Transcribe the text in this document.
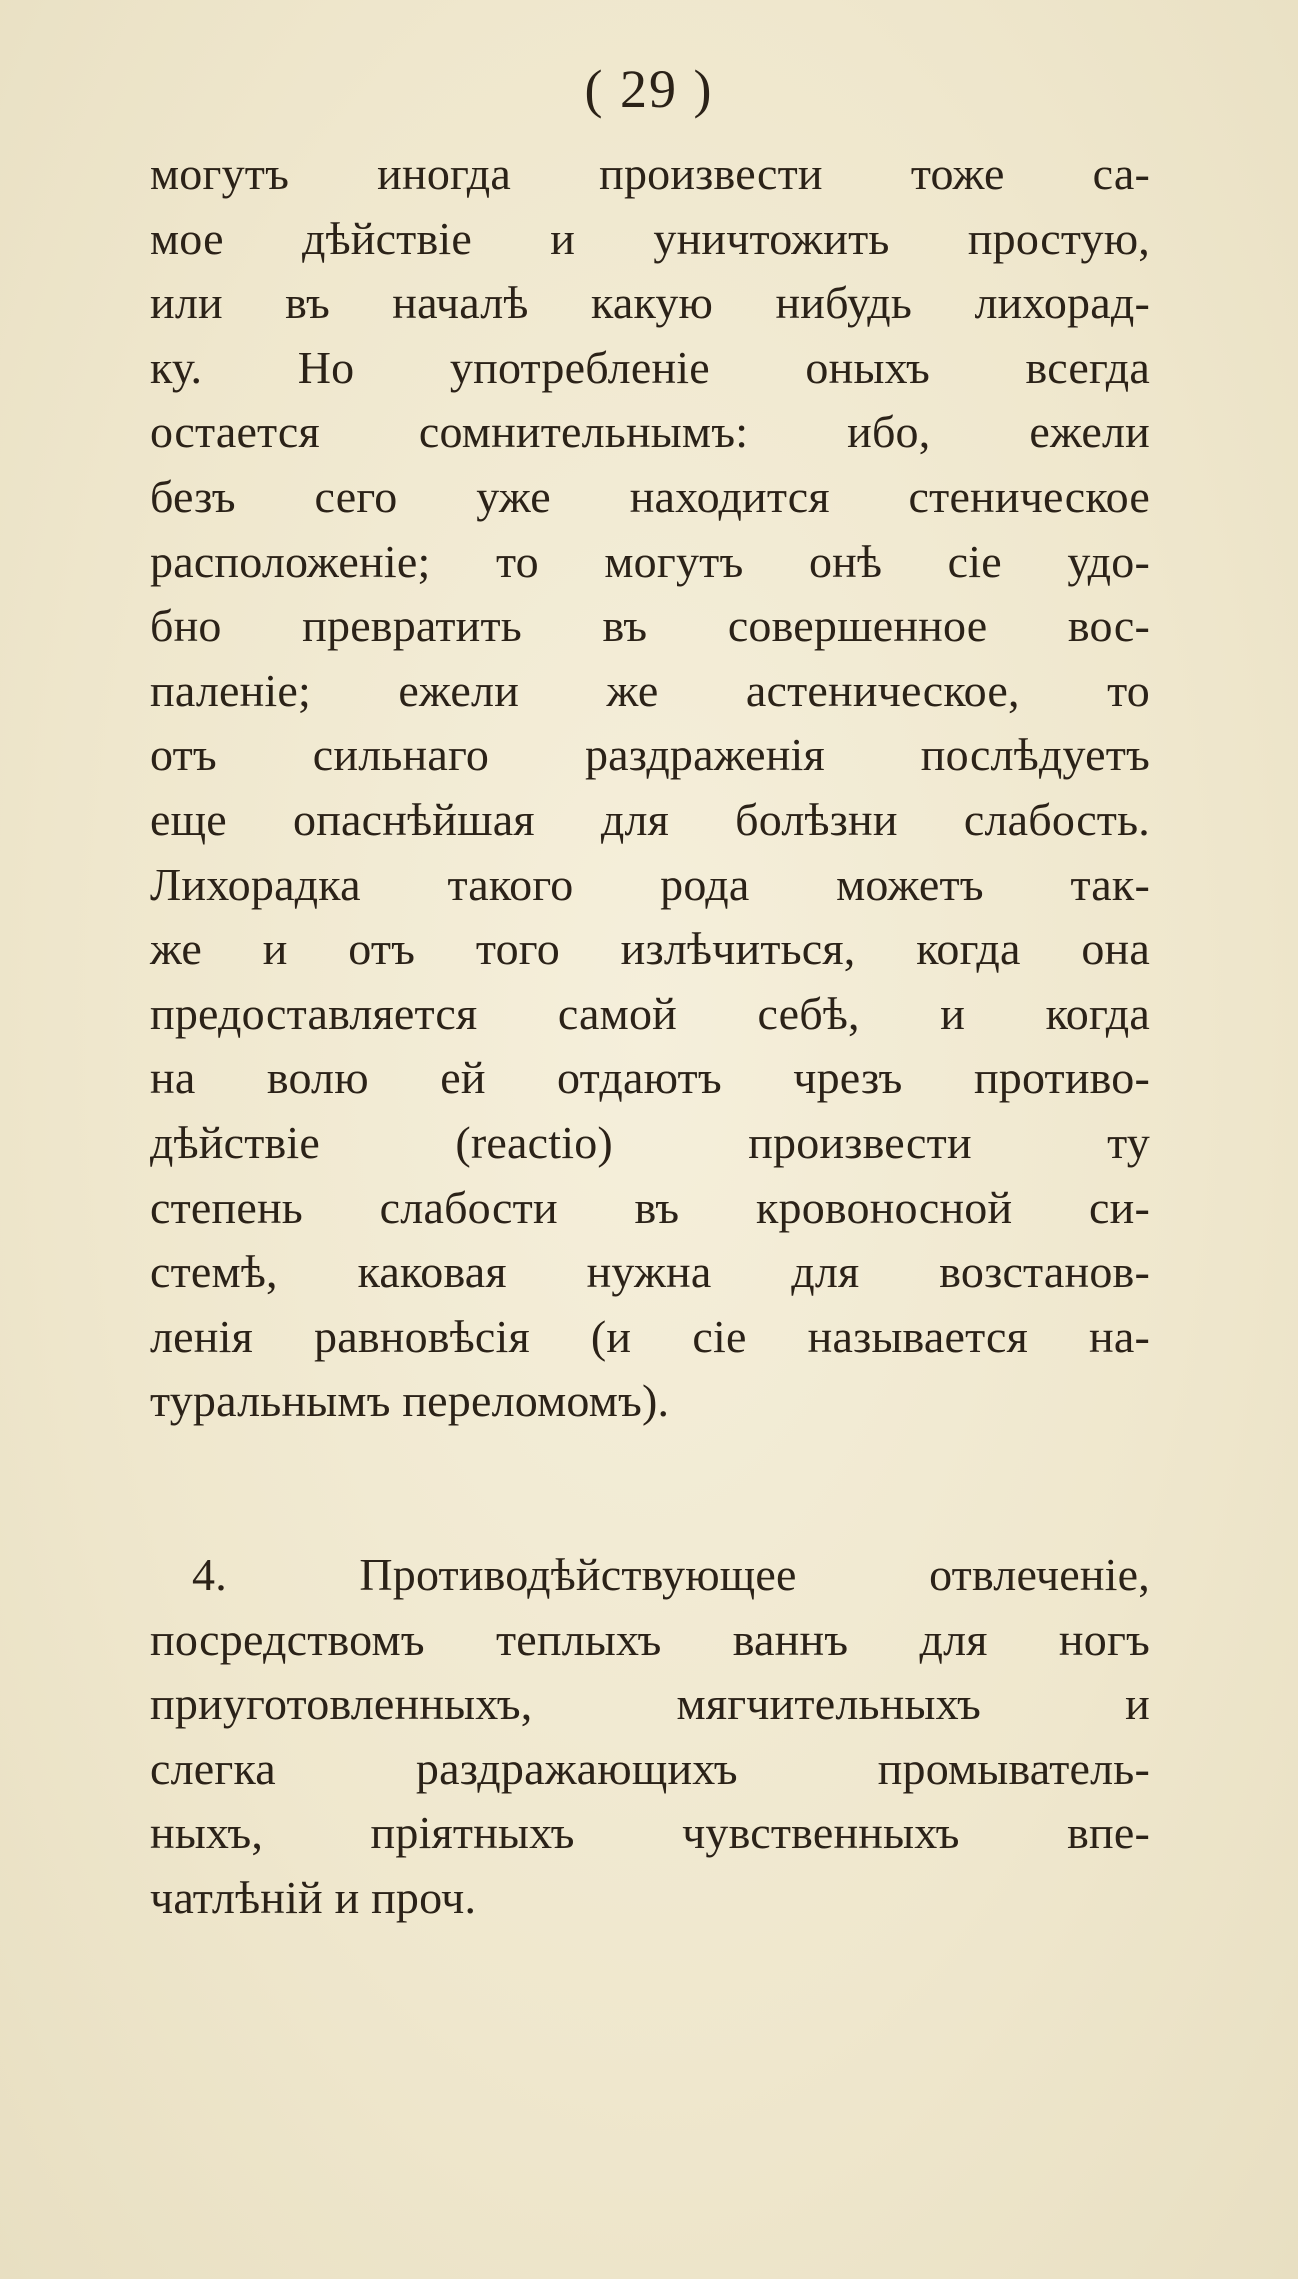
( 29 )
могутъ иногда произвести тоже са-
мое дѣйствіе и уничтожить простую,
или въ началѣ какую нибудь лихорад-
ку. Но употребленіе оныхъ всегда
остается сомнительнымъ: ибо, ежели
безъ сего уже находится стеническое
расположеніе; то могутъ онѣ сіе удо-
бно превратить въ совершенное вос-
паленіе; ежели же астеническое, то
отъ сильнаго раздраженія послѣдуетъ
еще опаснѣйшая для болѣзни слабость.
Лихорадка такого рода можетъ так-
же и отъ того излѣчиться, когда она
предоставляется самой себѣ, и когда
на волю ей отдаютъ чрезъ противо-
дѣйствіе (reactio) произвести ту
степень слабости въ кровоносной си-
стемѣ, каковая нужна для возстанов-
ленія равновѣсія (и сіе называется на-
туральнымъ переломомъ).
4. Противодѣйствующее отвлеченіе,
посредствомъ теплыхъ ваннъ для ногъ
приуготовленныхъ, мягчительныхъ и
слегка раздражающихъ промыватель-
ныхъ, пріятныхъ чувственныхъ впе-
чатлѣній и проч.
